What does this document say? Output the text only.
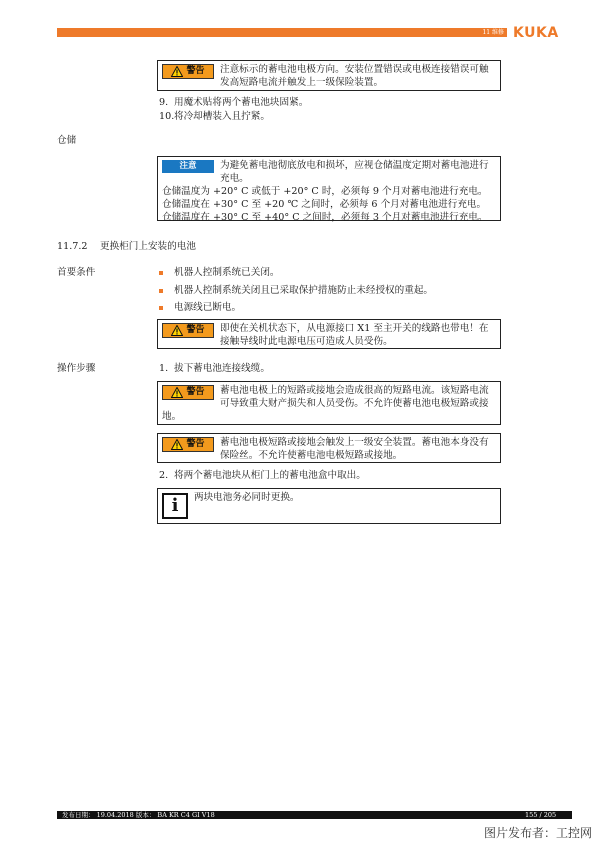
11 维修 KUKA
警告 注意标示的蓄电池电极方向。安装位置错误或电极连接错误可触发高短路电流并触发上一级保险装置。
9. 用魔术贴将两个蓄电池块固紧。
10. 将冷却槽装入且拧紧。
仓储
注意	为避免蓄电池彻底放电和损坏，应视仓储温度定期对蓄电池进行充电。
仓储温度为 +20° C 或低于 +20° C 时，必须每 9 个月对蓄电池进行充电。
仓储温度在 +30° C 至 +20 ℃ 之间时，必须每 6 个月对蓄电池进行充电。
仓储温度在 +30° C 至 +40° C 之间时，必须每 3 个月对蓄电池进行充电。
11.7.2 更换柜门上安装的电池
首要条件	机器人控制系统已关闭。
机器人控制系统关闭且已采取保护措施防止未经授权的重起。
电源线已断电。
警告 即使在关机状态下，从电源接口 X1 至主开关的线路也带电！在接触导线时此电源电压可造成人员受伤。
操作步骤	1. 拔下蓄电池连接线缆。
警告 蓄电池电极上的短路或接地会造成很高的短路电流。该短路电流可导致重大财产损失和人员受伤。不允许使蓄电池电极短路或接地。
警告 蓄电池电极短路或接地会触发上一级安全装置。蓄电池本身没有保险丝。不允许使蓄电池电极短路或接地。
2. 将两个蓄电池块从柜门上的蓄电池盒中取出。
i	两块电池务必同时更换。
发布日期： 19.04.2018 版本： BA KR C4 GI V18	155 / 205
图片发布者：工控网
